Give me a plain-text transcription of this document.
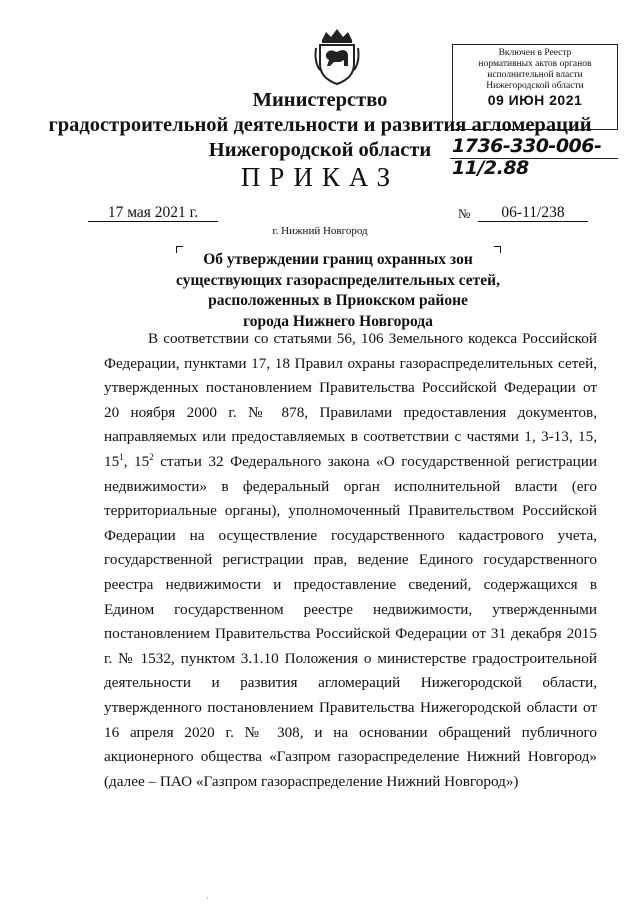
Включен в Реестр
нормативных актов органов
исполнительной власти
Нижегородской области
09 ИЮН 2021
1736-330-006-11/2.88
Министерство
градостроительной деятельности и развития агломераций
Нижегородской области
ПРИКАЗ
17 мая 2021 г.	№	06-11/238
г. Нижний Новгород
Об утверждении границ охранных зон
существующих газораспределительных сетей,
расположенных в Приокском районе
города Нижнего Новгорода

В соответствии со статьями 56, 106 Земельного кодекса Российской Федерации, пунктами 17, 18 Правил охраны газораспределительных сетей, утвержденных постановлением Правительства Российской Федерации от 20 ноября 2000 г. № 878, Правилами предоставления документов, направляемых или предоставляемых в соответствии с частями 1, 3-13, 15, $15^1$, $15^2$ статьи 32 Федерального закона «О государственной регистрации недвижимости» в федеральный орган исполнительной власти (его территориальные органы), уполномоченный Правительством Российской Федерации на осуществление государственного кадастрового учета, государственной регистрации прав, ведение Единого государственного реестра недвижимости и предоставление сведений, содержащихся в Едином государственном реестре недвижимости, утвержденными постановлением Правительства Российской Федерации от 31 декабря 2015 г. № 1532, пунктом 3.1.10 Положения о министерстве градостроительной деятельности и развития агломераций Нижегородской области, утвержденного постановлением Правительства Нижегородской области от 16 апреля 2020 г. № 308, и на основании обращений публичного акционерного общества «Газпром газораспределение Нижний Новгород» (далее – ПАО «Газпром газораспределение Нижний Новгород»)

·
